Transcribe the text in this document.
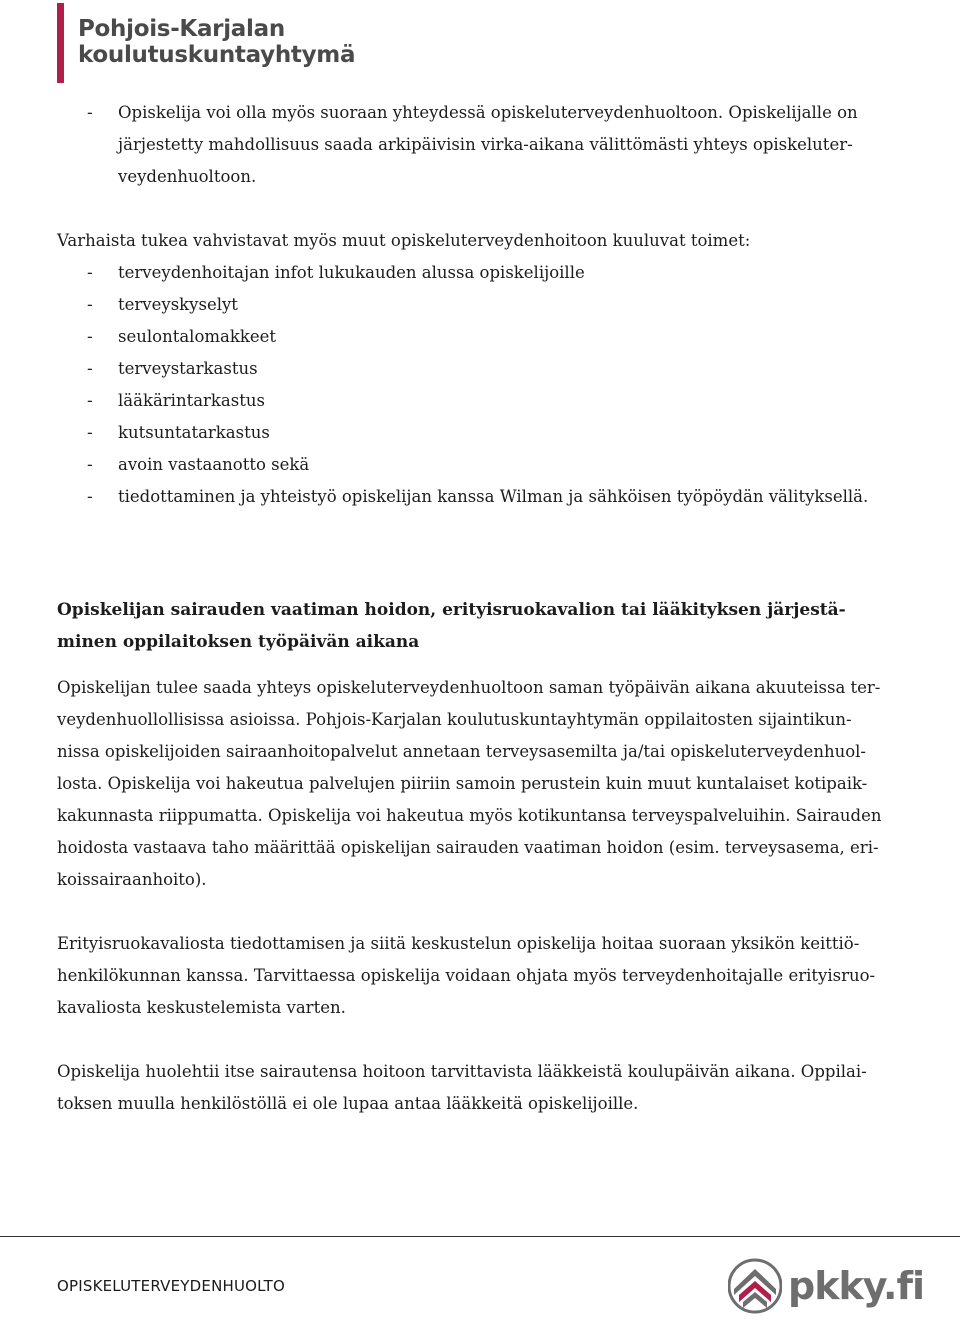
Pohjois-Karjalan
koulutuskuntayhtymä
- Opiskelija voi olla myös suoraan yhteydessä opiskeluterveydenhuoltoon. Opiskelijalle on

järjestetty mahdollisuus saada arkipäivisin virka-aikana välittömästi yhteys opiskeluter-

veydenhuoltoon.

Varhaista tukea vahvistavat myös muut opiskeluterveydenhoitoon kuuluvat toimet:

- terveydenhoitajan infot lukukauden alussa opiskelijoille
- terveyskyselyt
- seulontalomakkeet
- terveystarkastus
- lääkärintarkastus
- kutsuntatarkastus
- avoin vastaanotto sekä
- tiedottaminen ja yhteistyö opiskelijan kanssa Wilman ja sähköisen työpöydän välityksellä.
Opiskelijan sairauden vaatiman hoidon, erityisruokavalion tai lääkityksen järjestä-
minen oppilaitoksen työpäivän aikana

Opiskelijan tulee saada yhteys opiskeluterveydenhuoltoon saman työpäivän aikana akuuteissa ter-

veydenhuollollisissa asioissa. Pohjois-Karjalan koulutuskuntayhtymän oppilaitosten sijaintikun-

nissa opiskelijoiden sairaanhoitopalvelut annetaan terveysasemilta ja/tai opiskeluterveydenhuol-

losta. Opiskelija voi hakeutua palvelujen piiriin samoin perustein kuin muut kuntalaiset kotipaik-

kakunnasta riippumatta. Opiskelija voi hakeutua myös kotikuntansa terveyspalveluihin. Sairauden

hoidosta vastaava taho määrittää opiskelijan sairauden vaatiman hoidon (esim. terveysasema, eri-

koissairaanhoito).

Erityisruokavaliosta tiedottamisen ja siitä keskustelun opiskelija hoitaa suoraan yksikön keittiö-

henkilökunnan kanssa. Tarvittaessa opiskelija voidaan ohjata myös terveydenhoitajalle erityisruo-

kavaliosta keskustelemista varten.

Opiskelija huolehtii itse sairautensa hoitoon tarvittavista lääkkeistä koulupäivän aikana. Oppilai-

toksen muulla henkilöstöllä ei ole lupaa antaa lääkkeitä opiskelijoille.

OPISKELUTERVEYDENHUOLTO	pkky.fi
